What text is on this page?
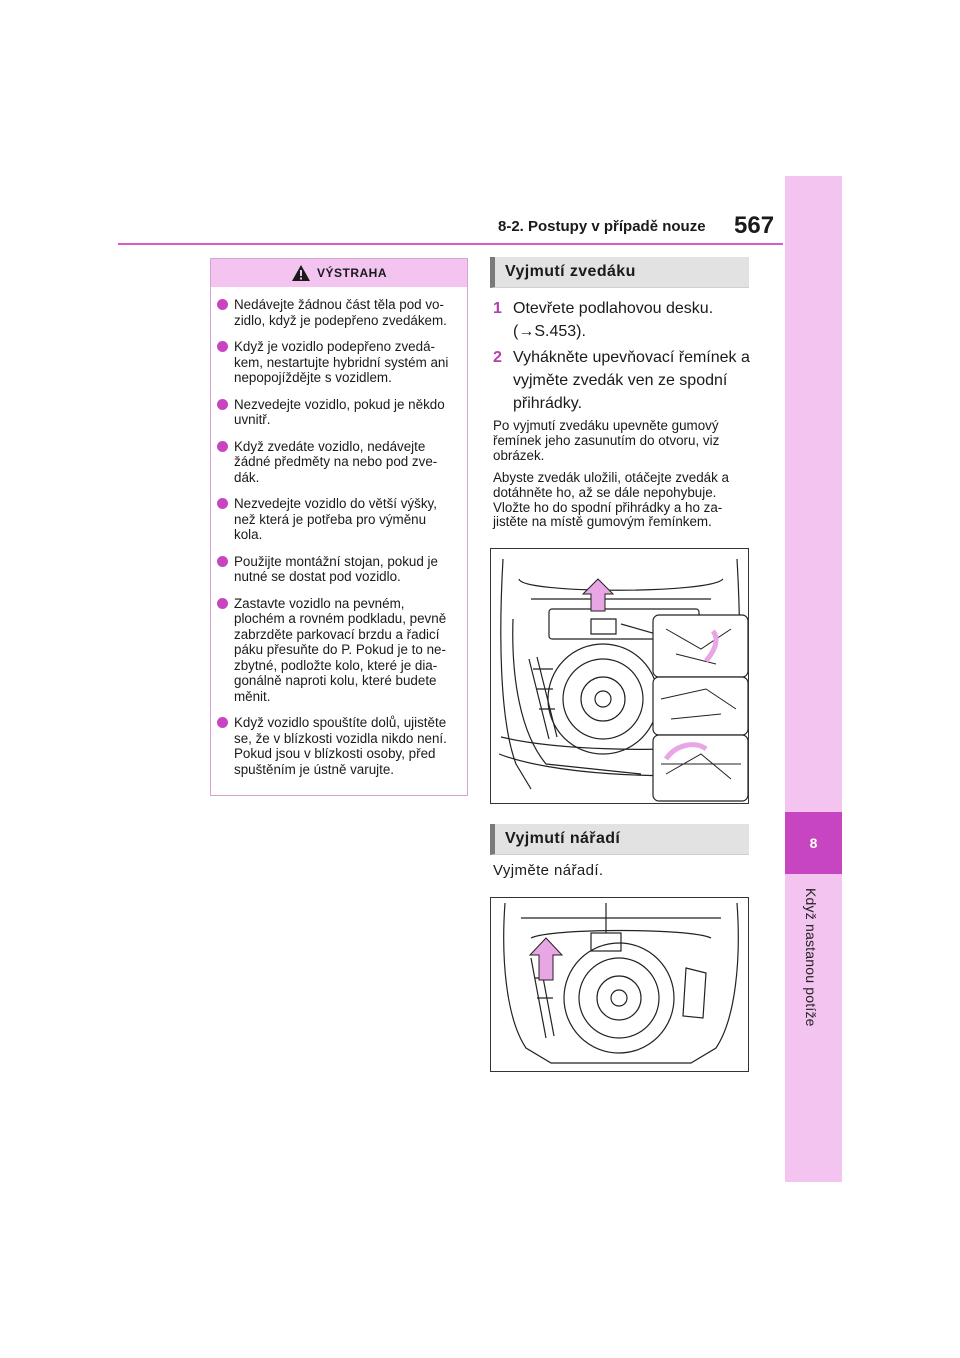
8
Když nastanou potíže
8-2. Postupy v případě nouze 567
VÝSTRAHA
Nedávejte žádnou část těla pod vo-zidlo, když je podepřeno zvedákem.
Když je vozidlo podepřeno zvedá-kem, nestartujte hybridní systém ani nepopojíždějte s vozidlem.
Nezvedejte vozidlo, pokud je někdo uvnitř.
Když zvedáte vozidlo, nedávejte žádné předměty na nebo pod zve-dák.
Nezvedejte vozidlo do větší výšky, než která je potřeba pro výměnu kola.
Použijte montážní stojan, pokud je nutné se dostat pod vozidlo.
Zastavte vozidlo na pevném, plochém a rovném podkladu, pevně zabrzděte parkovací brzdu a řadicí páku přesuňte do P. Pokud je to ne-zbytné, podložte kolo, které je dia-gonálně naproti kolu, které budete měnit.
Když vozidlo spouštíte dolů, ujistěte se, že v blízkosti vozidla nikdo není. Pokud jsou v blízkosti osoby, před spuštěním je ústně varujte.
Vyjmutí zvedáku
1 Otevřete podlahovou desku. (→S.453).
2 Vyhákněte upevňovací řemínek a vyjměte zvedák ven ze spodní přihrádky.
Po vyjmutí zvedáku upevněte gumový řemínek jeho zasunutím do otvoru, viz obrázek.
Abyste zvedák uložili, otáčejte zvedák a dotáhněte ho, až se dále nepohybuje. Vložte ho do spodní přihrádky a ho za-jistěte na místě gumovým řemínkem.
Vyjmutí nářadí
Vyjměte nářadí.
